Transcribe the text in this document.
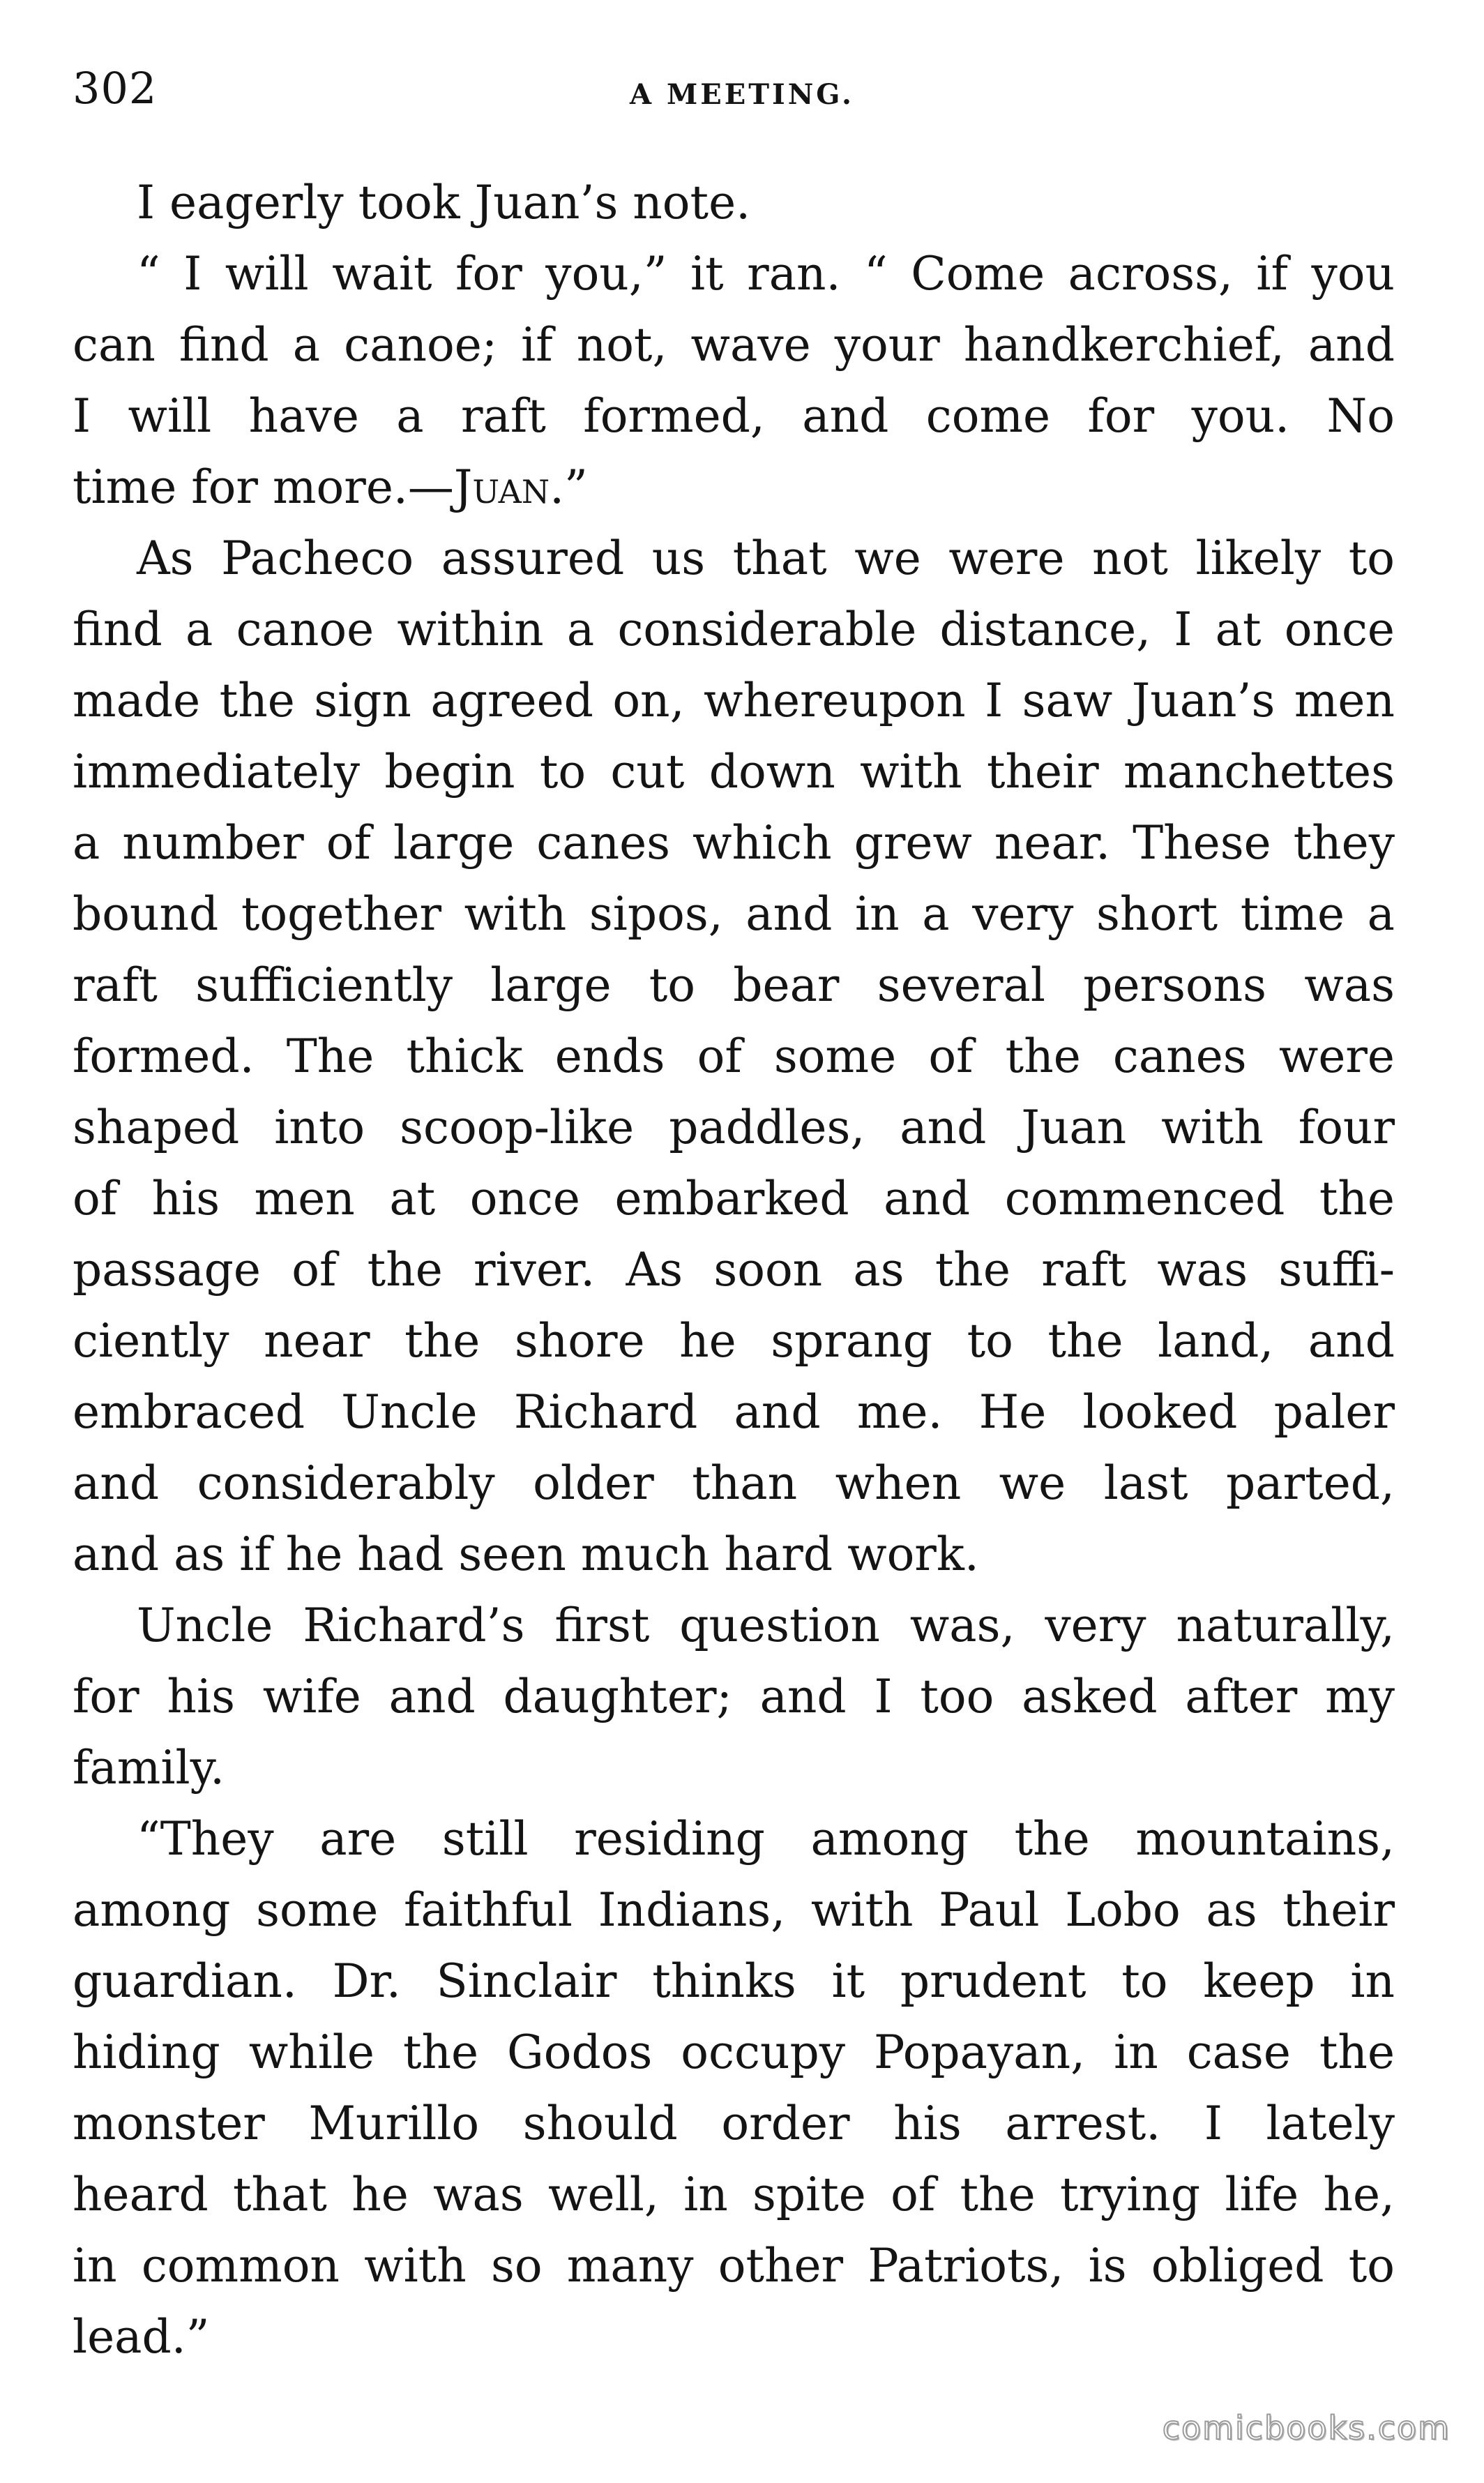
302	A MEETING.
I eagerly took Juan’s note.
“ I will wait for you,” it ran. “ Come across, if you
can find a canoe; if not, wave your handkerchief, and
I will have a raft formed, and come for you. No
time for more.—Juan.”
As Pacheco assured us that we were not likely to
find a canoe within a considerable distance, I at once
made the sign agreed on, whereupon I saw Juan’s men
immediately begin to cut down with their manchettes
a number of large canes which grew near. These they
bound together with sipos, and in a very short time a
raft sufficiently large to bear several persons was
formed. The thick ends of some of the canes were
shaped into scoop-like paddles, and Juan with four
of his men at once embarked and commenced the
passage of the river. As soon as the raft was suffi-
ciently near the shore he sprang to the land, and
embraced Uncle Richard and me. He looked paler
and considerably older than when we last parted,
and as if he had seen much hard work.
Uncle Richard’s first question was, very naturally,
for his wife and daughter; and I too asked after my
family.
“They are still residing among the mountains,
among some faithful Indians, with Paul Lobo as their
guardian. Dr. Sinclair thinks it prudent to keep in
hiding while the Godos occupy Popayan, in case the
monster Murillo should order his arrest. I lately
heard that he was well, in spite of the trying life he,
in common with so many other Patriots, is obliged to
lead.”
comicbooks.com
